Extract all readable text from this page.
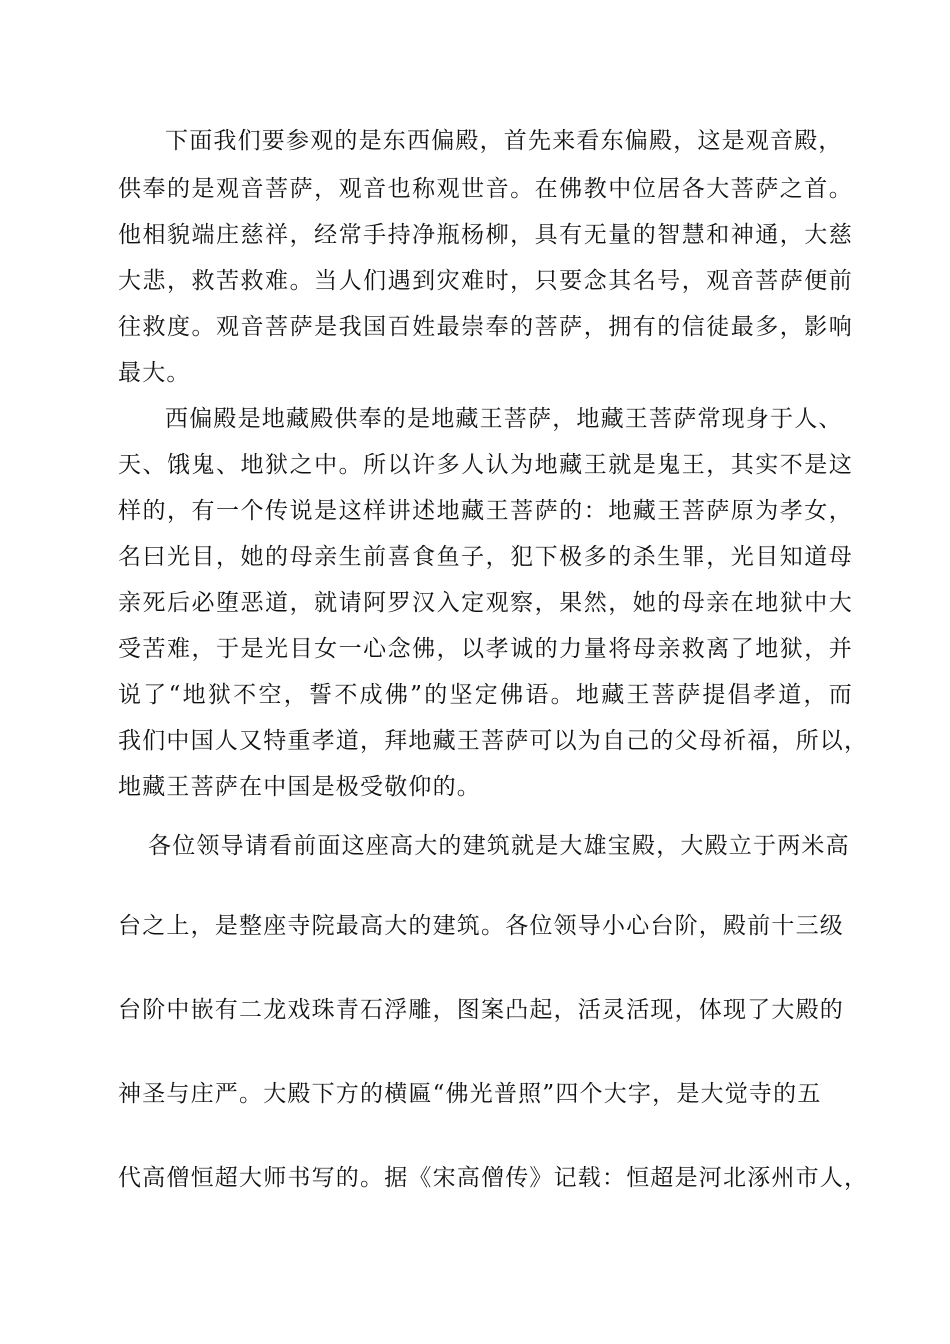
下面我们要参观的是东西偏殿，首先来看东偏殿，这是观音殿，
供奉的是观音菩萨，观音也称观世音。在佛教中位居各大菩萨之首。
他相貌端庄慈祥，经常手持净瓶杨柳，具有无量的智慧和神通，大慈
大悲，救苦救难。当人们遇到灾难时，只要念其名号，观音菩萨便前
往救度。观音菩萨是我国百姓最崇奉的菩萨，拥有的信徒最多，影响
最大。
西偏殿是地藏殿供奉的是地藏王菩萨，地藏王菩萨常现身于人、
天、饿鬼、地狱之中。所以许多人认为地藏王就是鬼王，其实不是这
样的，有一个传说是这样讲述地藏王菩萨的：地藏王菩萨原为孝女，
名曰光目，她的母亲生前喜食鱼子，犯下极多的杀生罪，光目知道母
亲死后必堕恶道，就请阿罗汉入定观察，果然，她的母亲在地狱中大
受苦难，于是光目女一心念佛，以孝诚的力量将母亲救离了地狱，并
说了“地狱不空，誓不成佛”的坚定佛语。地藏王菩萨提倡孝道，而
我们中国人又特重孝道，拜地藏王菩萨可以为自己的父母祈福，所以，
地藏王菩萨在中国是极受敬仰的。
各位领导请看前面这座高大的建筑就是大雄宝殿，大殿立于两米高
台之上，是整座寺院最高大的建筑。各位领导小心台阶，殿前十三级
台阶中嵌有二龙戏珠青石浮雕，图案凸起，活灵活现，体现了大殿的
神圣与庄严。大殿下方的横匾“佛光普照”四个大字，是大觉寺的五
代高僧恒超大师书写的。据《宋高僧传》记载：恒超是河北涿州市人，
